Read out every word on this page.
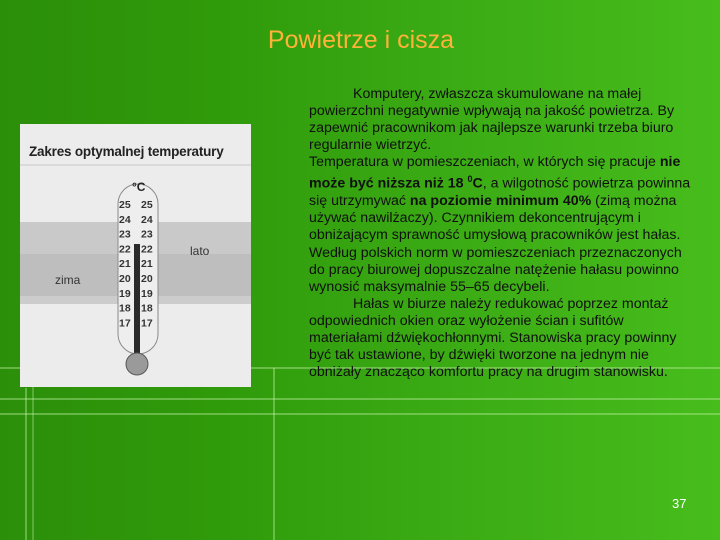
Powietrze i cisza
°C
25
24
23
22
21
20
19
18
17
25
24
23
22
21
20
19
18
17
lato
zima
Zakres optymalnej temperatury

Komputery, zwłaszcza skumulowane na małej powierzchni negatywnie wpływają na jakość powietrza. By zapewnić pracownikom jak najlepsze warunki trzeba biuro regularnie wietrzyć.

Temperatura w pomieszczeniach, w których się pracuje nie może być niższa niż 18 $^0$C, a wilgotność powietrza powinna się utrzymywać na poziomie minimum 40% (zimą można używać nawilżaczy). Czynnikiem dekoncentrującym i obniżającym sprawność umysłową pracowników jest hałas. Według polskich norm w pomieszczeniach przeznaczonych do pracy biurowej dopuszczalne natężenie hałasu powinno wynosić maksymalnie 55–65 decybeli.

Hałas w biurze należy redukować poprzez montaż odpowiednich okien oraz wyłożenie ścian i sufitów materiałami dźwiękochłonnymi. Stanowiska pracy powinny być tak ustawione, by dźwięki tworzone na jednym nie obniżały znacząco komfortu pracy na drugim stanowisku.

37
